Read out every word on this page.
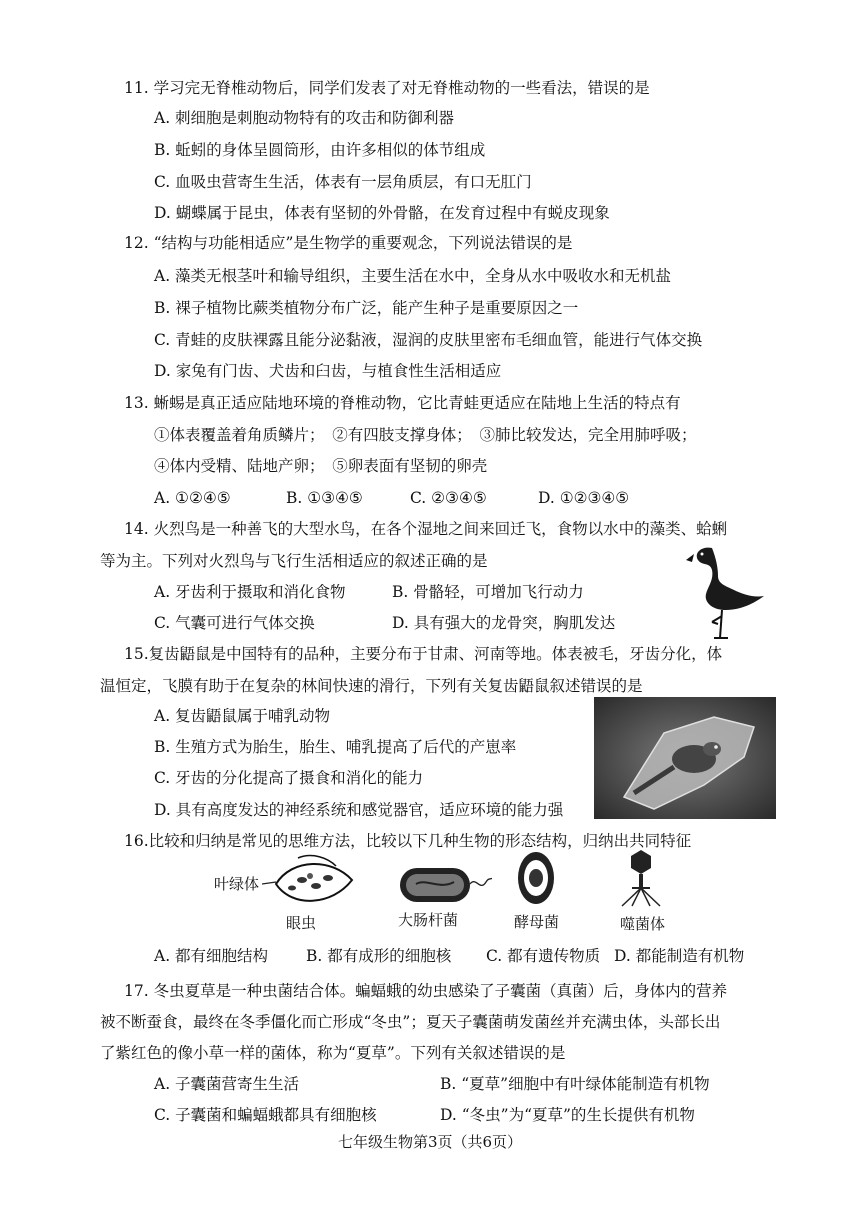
11. 学习完无脊椎动物后，同学们发表了对无脊椎动物的一些看法，错误的是
A. 刺细胞是刺胞动物特有的攻击和防御利器
B. 蚯蚓的身体呈圆筒形，由许多相似的体节组成
C. 血吸虫营寄生生活，体表有一层角质层，有口无肛门
D. 蝴蝶属于昆虫，体表有坚韧的外骨骼，在发育过程中有蜕皮现象
12. “结构与功能相适应”是生物学的重要观念，下列说法错误的是
A. 藻类无根茎叶和输导组织，主要生活在水中，全身从水中吸收水和无机盐
B. 裸子植物比蕨类植物分布广泛，能产生种子是重要原因之一
C. 青蛙的皮肤裸露且能分泌黏液，湿润的皮肤里密布毛细血管，能进行气体交换
D. 家兔有门齿、犬齿和臼齿，与植食性生活相适应
13. 蜥蜴是真正适应陆地环境的脊椎动物，它比青蛙更适应在陆地上生活的特点有
①体表覆盖着角质鳞片；　②有四肢支撑身体；　③肺比较发达，完全用肺呼吸；
④体内受精、陆地产卵；　⑤卵表面有坚韧的卵壳
A. ①②④⑤	B. ①③④⑤	C. ②③④⑤	D. ①②③④⑤
14. 火烈鸟是一种善飞的大型水鸟，在各个湿地之间来回迁飞，食物以水中的藻类、蛤蜊
等为主。下列对火烈鸟与飞行生活相适应的叙述正确的是
A. 牙齿利于摄取和消化食物	B. 骨骼轻，可增加飞行动力
C. 气囊可进行气体交换	D. 具有强大的龙骨突，胸肌发达
15.复齿鼯鼠是中国特有的品种，主要分布于甘肃、河南等地。体表被毛，牙齿分化，体
温恒定，飞膜有助于在复杂的林间快速的滑行，下列有关复齿鼯鼠叙述错误的是
A. 复齿鼯鼠属于哺乳动物
B. 生殖方式为胎生，胎生、哺乳提高了后代的产崽率
C. 牙齿的分化提高了摄食和消化的能力
D. 具有高度发达的神经系统和感觉器官，适应环境的能力强
16.比较和归纳是常见的思维方法，比较以下几种生物的形态结构，归纳出共同特征
叶绿体
眼虫	大肠杆菌	酵母菌	噬菌体
A. 都有细胞结构 B. 都有成形的细胞核 C. 都有遗传物质 D. 都能制造有机物
17. 冬虫夏草是一种虫菌结合体。蝙蝠蛾的幼虫感染了子囊菌（真菌）后，身体内的营养
被不断蚕食，最终在冬季僵化而亡形成“冬虫”；夏天子囊菌萌发菌丝并充满虫体，头部长出
了紫红色的像小草一样的菌体，称为“夏草”。下列有关叙述错误的是
A. 子囊菌营寄生生活	B. “夏草”细胞中有叶绿体能制造有机物
C. 子囊菌和蝙蝠蛾都具有细胞核	D. “冬虫”为“夏草”的生长提供有机物
七年级生物第3页（共6页）
